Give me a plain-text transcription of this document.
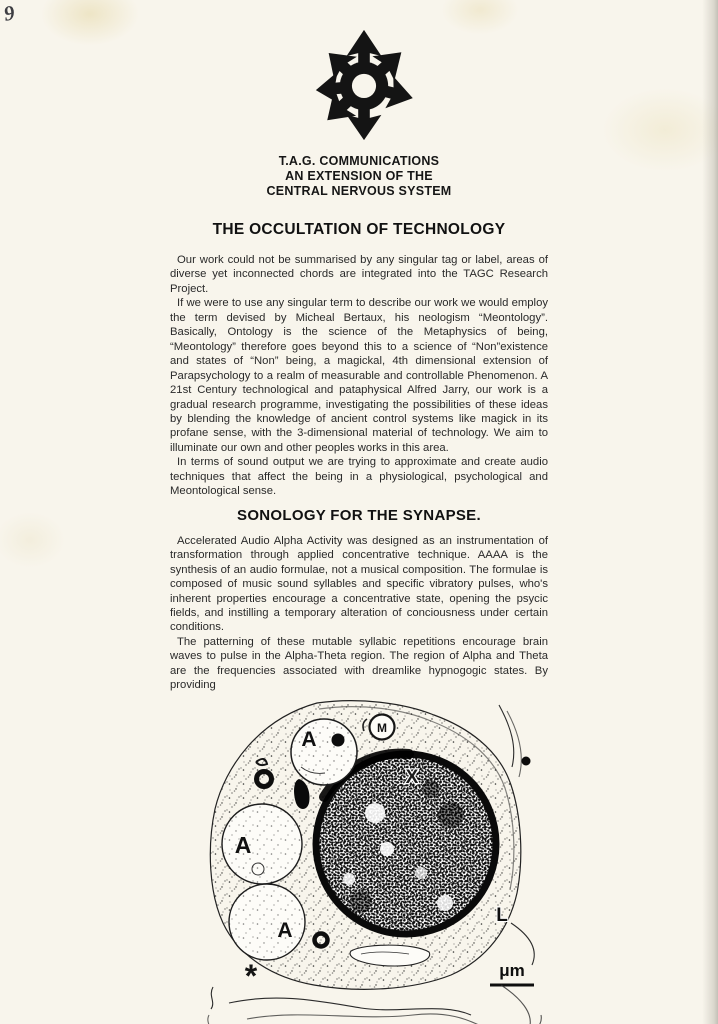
9
T.A.G. COMMUNICATIONS
AN EXTENSION OF THE
CENTRAL NERVOUS SYSTEM
THE OCCULTATION OF TECHNOLOGY

Our work could not be summarised by any singular tag or label, areas of diverse yet inconnected chords are integrated into the TAGC Research Project.

If we were to use any singular term to describe our work we would employ the term devised by Micheal Bertaux, his neologism “Meontology”. Basically, Ontology is the science of the Metaphysics of being, “Meontology” therefore goes beyond this to a science of “Non”existence and states of “Non” being, a magickal, 4th dimensional extension of Parapsychology to a realm of measurable and controllable Phenomenon. A 21st Century technological and pataphysical Alfred Jarry, our work is a gradual research programme, investigating the possibilities of these ideas by blending the knowledge of ancient control systems like magick in its profane sense, with the 3-dimensional material of technology. We aim to illuminate our own and other peoples works in this area.

In terms of sound output we are trying to approximate and create audio techniques that affect the being in a physiological, psychological and Meontological sense.

SONOLOGY FOR THE SYNAPSE.

Accelerated Audio Alpha Activity was designed as an instrumentation of transformation through applied concentrative technique. AAAA is the synthesis of an audio formulae, not a musical composition. The formulae is composed of music sound syllables and specific vibratory pulses, who's inherent properties encourage a concentrative state, opening the psycic fields, and instilling a temporary alteration of conciousness under certain conditions.

The patterning of these mutable syllabic repetitions encourage brain waves to pulse in the Alpha-Theta region. The region of Alpha and Theta are the frequencies associated with dreamlike hypnogogic states. By providing

X
A	M
A
A
*
L
μm
